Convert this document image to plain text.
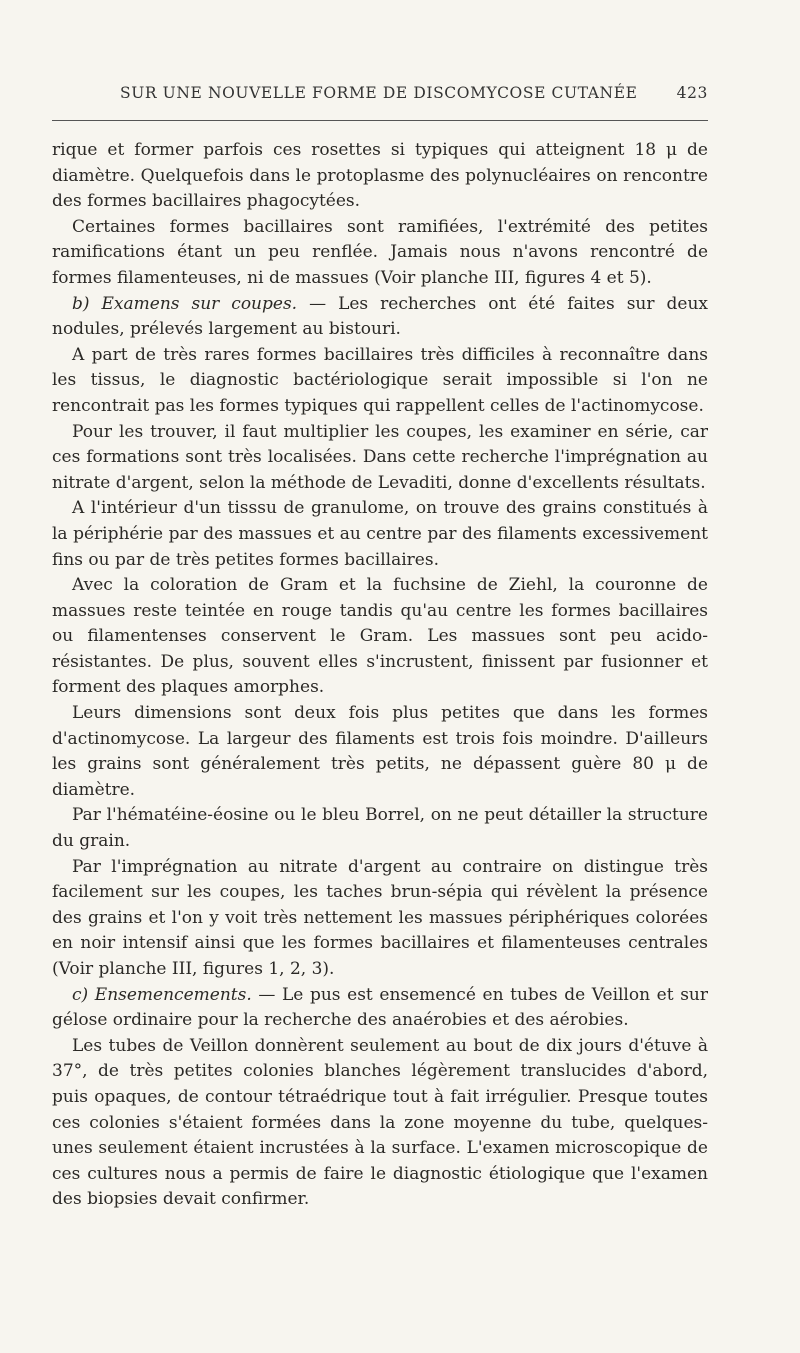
SUR UNE NOUVELLE FORME DE DISCOMYCOSE CUTANÉE	423

rique et former parfois ces rosettes si typiques qui atteignent 18 μ de diamètre. Quelquefois dans le protoplasme des polynucléaires on rencontre des formes bacillaires phagocytées.

Certaines formes bacillaires sont ramifiées, l'extrémité des petites ramifications étant un peu renflée. Jamais nous n'avons rencontré de formes filamenteuses, ni de massues (Voir planche III, figures 4 et 5).

b) Examens sur coupes. — Les recherches ont été faites sur deux nodules, prélevés largement au bistouri.

A part de très rares formes bacillaires très difficiles à reconnaître dans les tissus, le diagnostic bactériologique serait impossible si l'on ne rencontrait pas les formes typiques qui rappellent celles de l'actinomycose.

Pour les trouver, il faut multiplier les coupes, les examiner en série, car ces formations sont très localisées. Dans cette recherche l'imprégnation au nitrate d'argent, selon la méthode de Levaditi, donne d'excellents résultats.

A l'intérieur d'un tisssu de granulome, on trouve des grains constitués à la périphérie par des massues et au centre par des filaments excessivement fins ou par de très petites formes bacillaires.

Avec la coloration de Gram et la fuchsine de Ziehl, la couronne de massues reste teintée en rouge tandis qu'au centre les formes bacillaires ou filamentenses conservent le Gram. Les massues sont peu acido-résistantes. De plus, souvent elles s'incrustent, finissent par fusionner et forment des plaques amorphes.

Leurs dimensions sont deux fois plus petites que dans les formes d'actinomycose. La largeur des filaments est trois fois moindre. D'ailleurs les grains sont généralement très petits, ne dépassent guère 80 μ de diamètre.

Par l'hématéine-éosine ou le bleu Borrel, on ne peut détailler la structure du grain.

Par l'imprégnation au nitrate d'argent au contraire on distingue très facilement sur les coupes, les taches brun-sépia qui révèlent la présence des grains et l'on y voit très nettement les massues périphériques colorées en noir intensif ainsi que les formes bacillaires et filamenteuses centrales (Voir planche III, figures 1, 2, 3).

c) Ensemencements. — Le pus est ensemencé en tubes de Veillon et sur gélose ordinaire pour la recherche des anaérobies et des aérobies.

Les tubes de Veillon donnèrent seulement au bout de dix jours d'étuve à 37°, de très petites colonies blanches légèrement translucides d'abord, puis opaques, de contour tétraédrique tout à fait irrégulier. Presque toutes ces colonies s'étaient formées dans la zone moyenne du tube, quelques-unes seulement étaient incrustées à la surface. L'examen microscopique de ces cultures nous a permis de faire le diagnostic étiologique que l'examen des biopsies devait confirmer.
